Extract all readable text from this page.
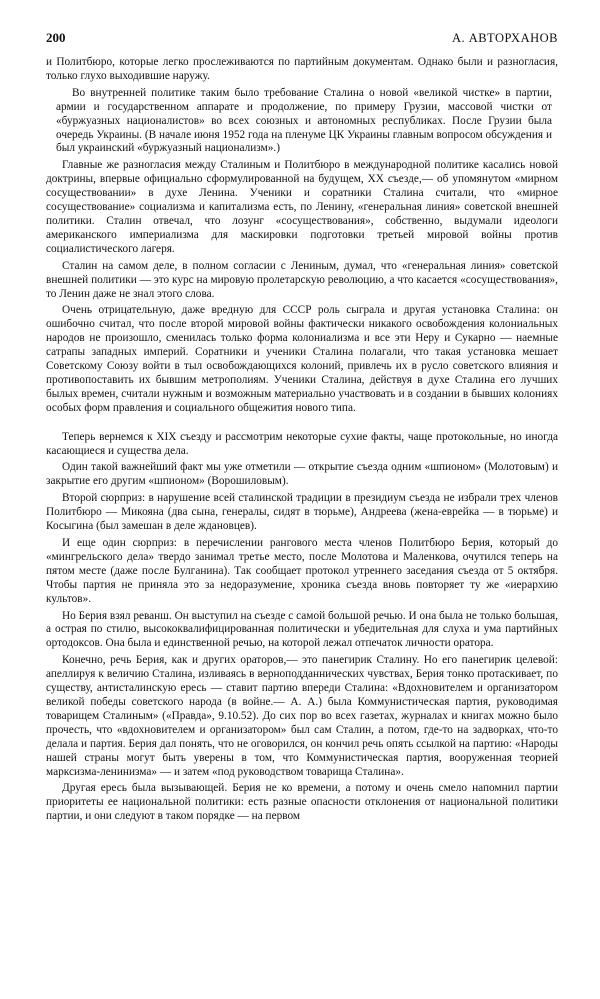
200	А. АВТОРХАНОВ

и Политбюро, которые легко прослеживаются по партийным документам. Однако были и разногласия, только глухо выходившие наружу.

Во внутренней политике таким было требование Сталина о новой «великой чистке» в партии, армии и государственном аппарате и продолжение, по примеру Грузии, массовой чистки от «буржуазных националистов» во всех союзных и автономных республиках. После Грузии была очередь Украины. (В начале июня 1952 года на пленуме ЦК Украины главным вопросом обсуждения и был украинский «буржуазный национализм».)

Главные же разногласия между Сталиным и Политбюро в международной политике касались новой доктрины, впервые официально сформулированной на будущем, XX съезде,— об упомянутом «мирном сосуществовании» в духе Ленина. Ученики и соратники Сталина считали, что «мирное сосуществование» социализма и капитализма есть, по Ленину, «генеральная линия» советской внешней политики. Сталин отвечал, что лозунг «сосуществования», собственно, выдумали идеологи американского империализма для маскировки подготовки третьей мировой войны против социалистического лагеря.

Сталин на самом деле, в полном согласии с Лениным, думал, что «генеральная линия» советской внешней политики — это курс на мировую пролетарскую революцию, а что касается «сосуществования», то Ленин даже не знал этого слова.

Очень отрицательную, даже вредную для СССР роль сыграла и другая установка Сталина: он ошибочно считал, что после второй мировой войны фактически никакого освобождения колониальных народов не произошло, сменилась только форма колониализма и все эти Неру и Сукарно — наемные сатрапы западных империй. Соратники и ученики Сталина полагали, что такая установка мешает Советскому Союзу войти в тыл освобождающихся колоний, привлечь их в русло советского влияния и противопоставить их бывшим метрополиям. Ученики Сталина, действуя в духе Сталина его лучших былых времен, считали нужным и возможным материально участвовать и в создании в бывших колониях особых форм правления и социального общежития нового типа.

Теперь вернемся к XIX съезду и рассмотрим некоторые сухие факты, чаще протокольные, но иногда касающиеся и существа дела.

Один такой важнейший факт мы уже отметили — открытие съезда одним «шпионом» (Молотовым) и закрытие его другим «шпионом» (Ворошиловым).

Второй сюрприз: в нарушение всей сталинской традиции в президиум съезда не избрали трех членов Политбюро — Микояна (два сына, генералы, сидят в тюрьме), Андреева (жена-еврейка — в тюрьме) и Косыгина (был замешан в деле ждановцев).

И еще один сюрприз: в перечислении рангового места членов Политбюро Берия, который до «мингрельского дела» твердо занимал третье место, после Молотова и Маленкова, очутился теперь на пятом месте (даже после Булганина). Так сообщает протокол утреннего заседания съезда от 5 октября. Чтобы партия не приняла это за недоразумение, хроника съезда вновь повторяет ту же «иерархию культов».

Но Берия взял реванш. Он выступил на съезде с самой большой речью. И она была не только большая, а острая по стилю, высококвалифицированная политически и убедительная для слуха и ума партийных ортодоксов. Она была и единственной речью, на которой лежал отпечаток личности оратора.

Конечно, речь Берия, как и других ораторов,— это панегирик Сталину. Но его панегирик целевой: апеллируя к величию Сталина, изливаясь в верноподданнических чувствах, Берия тонко протаскивает, по существу, антисталинскую ересь — ставит партию впереди Сталина: «Вдохновителем и организатором великой победы советского народа (в войне.— А. А.) была Коммунистическая партия, руководимая товарищем Сталиным» («Правда», 9.10.52). До сих пор во всех газетах, журналах и книгах можно было прочесть, что «вдохновителем и организатором» был сам Сталин, а потом, где-то на задворках, что-то делала и партия. Берия дал понять, что не оговорился, он кончил речь опять ссылкой на партию: «Народы нашей страны могут быть уверены в том, что Коммунистическая партия, вооруженная теорией марксизма-ленинизма» — и затем «под руководством товарища Сталина».

Другая ересь была вызывающей. Берия не ко времени, а потому и очень смело напомнил партии приоритеты ее национальной политики: есть разные опасности отклонения от национальной политики партии, и они следуют в таком порядке — на первом
